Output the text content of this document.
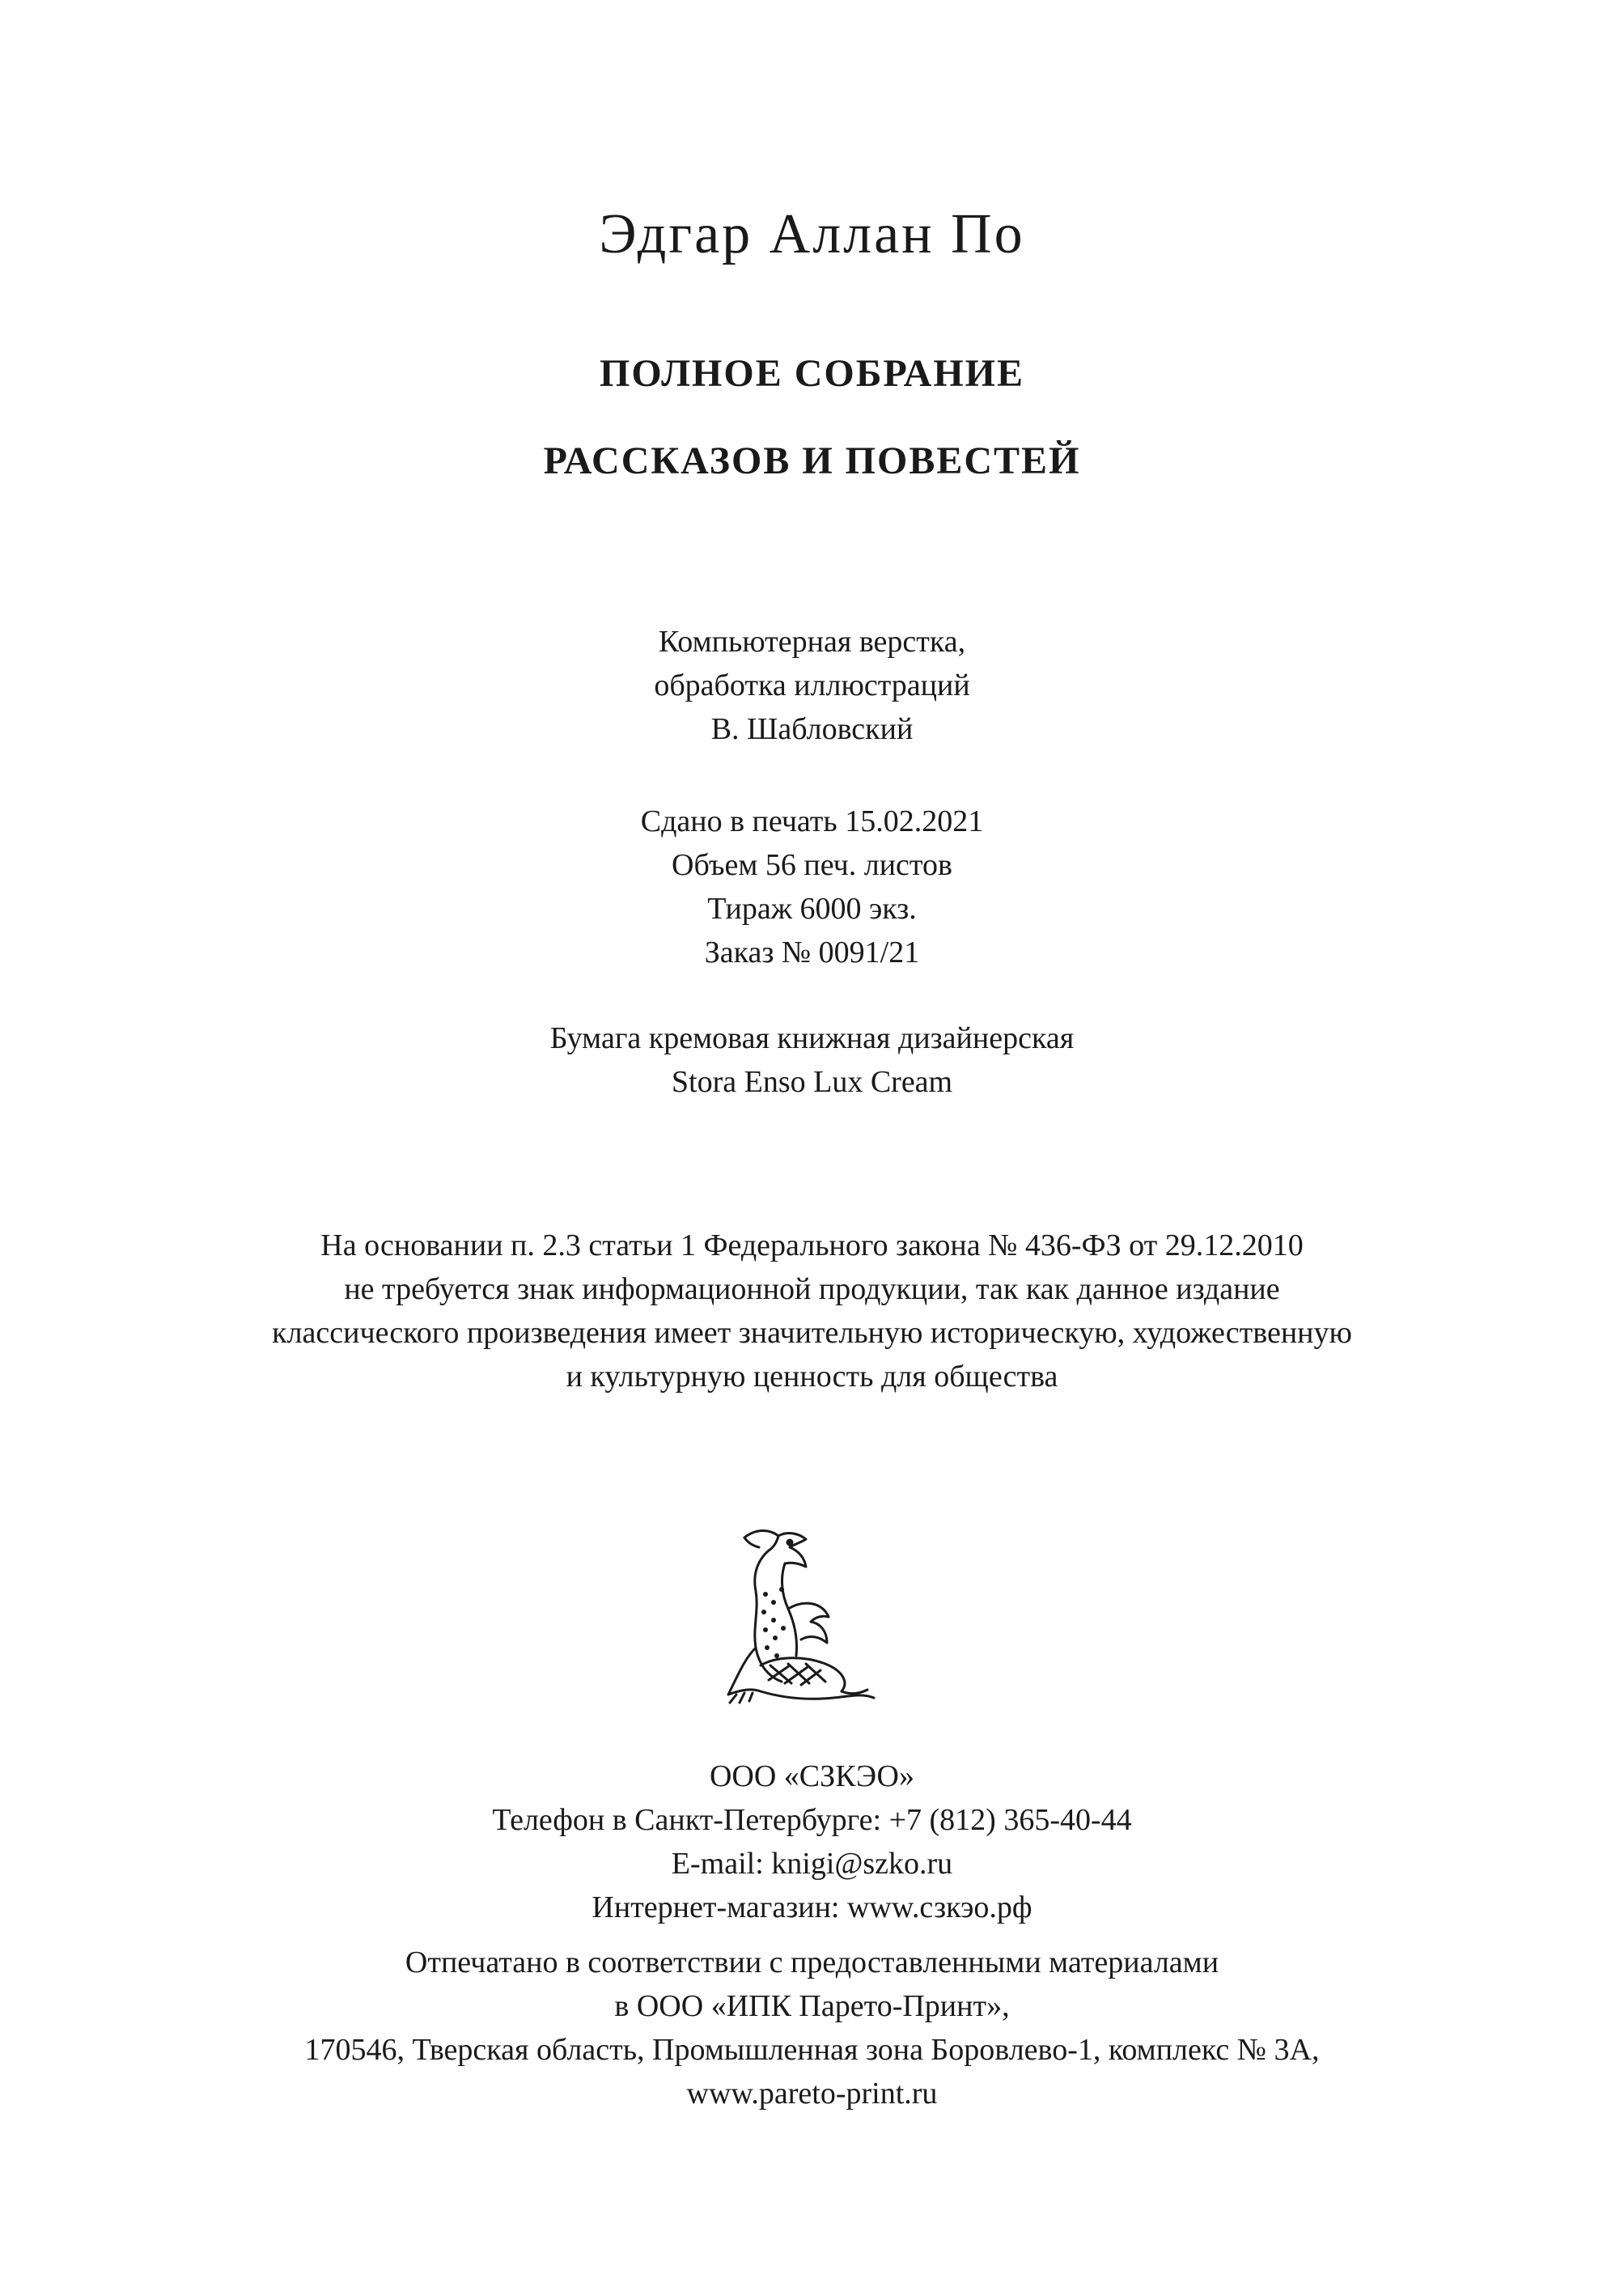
Эдгар Аллан По

ПОЛНОЕ СОБРАНИЕ

РАССКАЗОВ И ПОВЕСТЕЙ

Компьютерная верстка,
обработка иллюстраций
В. Шабловский
Сдано в печать 15.02.2021
Объем 56 печ. листов
Тираж 6000 экз.
Заказ № 0091/21
Бумага кремовая книжная дизайнерская
Stora Enso Lux Cream
На основании п. 2.3 статьи 1 Федерального закона № 436-ФЗ от 29.12.2010
не требуется знак информационной продукции, так как данное издание
классического произведения имеет значительную историческую, художественную
и культурную ценность для общества
ООО «СЗКЭО»
Телефон в Санкт-Петербурге: +7 (812) 365-40-44
E-mail: knigi@szko.ru
Интернет-магазин: www.сзкэо.рф
Отпечатано в соответствии с предоставленными материалами
в ООО «ИПК Парето-Принт»,
170546, Тверская область, Промышленная зона Боровлево-1, комплекс № 3А,
www.pareto-print.ru
